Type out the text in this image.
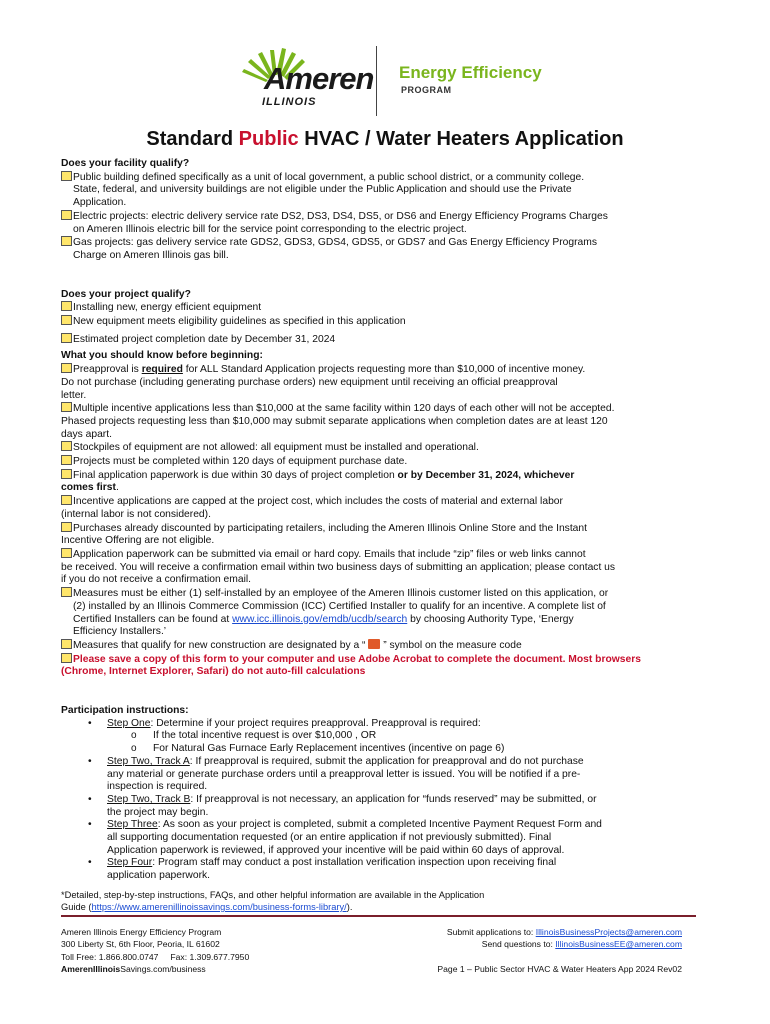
Ameren
ILLINOIS
Energy Efficiency
PROGRAM
Standard Public HVAC / Water Heaters Application
Does your facility qualify?
Public building defined specifically as a unit of local government, a public school district, or a community college.
State, federal, and university buildings are not eligible under the Public Application and should use the Private
Application.
Electric projects: electric delivery service rate DS2, DS3, DS4, DS5, or DS6 and Energy Efficiency Programs Charges
on Ameren Illinois electric bill for the service point corresponding to the electric project.
Gas projects: gas delivery service rate GDS2, GDS3, GDS4, GDS5, or GDS7 and Gas Energy Efficiency Programs
Charge on Ameren Illinois gas bill.
Does your project qualify?
Installing new, energy efficient equipment
New equipment meets eligibility guidelines as specified in this application
Estimated project completion date by December 31, 2024
What you should know before beginning:
Preapproval is required for ALL Standard Application projects requesting more than $10,000 of incentive money.
Do not purchase (including generating purchase orders) new equipment until receiving an official preapproval
letter.
Multiple incentive applications less than $10,000 at the same facility within 120 days of each other will not be accepted.
Phased projects requesting less than $10,000 may submit separate applications when completion dates are at least 120
days apart.
Stockpiles of equipment are not allowed: all equipment must be installed and operational.
Projects must be completed within 120 days of equipment purchase date.
Final application paperwork is due within 30 days of project completion or by December 31, 2024, whichever
comes first.
Incentive applications are capped at the project cost, which includes the costs of material and external labor
(internal labor is not considered).
Purchases already discounted by participating retailers, including the Ameren Illinois Online Store and the Instant
Incentive Offering are not eligible.
Application paperwork can be submitted via email or hard copy. Emails that include “zip” files or web links cannot
be received. You will receive a confirmation email within two business days of submitting an application; please contact us
if you do not receive a confirmation email.
Measures must be either (1) self-installed by an employee of the Ameren Illinois customer listed on this application, or
(2) installed by an Illinois Commerce Commission (ICC) Certified Installer to qualify for an incentive. A complete list of
Certified Installers can be found at www.icc.illinois.gov/emdb/ucdb/search by choosing Authority Type, ‘Energy
Efficiency Installers.’
Measures that qualify for new construction are designated by a “  ” symbol on the measure code
Please save a copy of this form to your computer and use Adobe Acrobat to complete the document. Most browsers
(Chrome, Internet Explorer, Safari) do not auto-fill calculations
Participation instructions:
• Step One: Determine if your project requires preapproval. Preapproval is required:
o If the total incentive request is over $10,000 , OR
o For Natural Gas Furnace Early Replacement incentives (incentive on page 6)
• Step Two, Track A: If preapproval is required, submit the application for preapproval and do not purchase
any material or generate purchase orders until a preapproval letter is issued. You will be notified if a pre-
inspection is required.
• Step Two, Track B: If preapproval is not necessary, an application for “funds reserved” may be submitted, or
the project may begin.
• Step Three: As soon as your project is completed, submit a completed Incentive Payment Request Form and
all supporting documentation requested (or an entire application if not previously submitted). Final
Application paperwork is reviewed, if approved your incentive will be paid within 60 days of approval.
• Step Four: Program staff may conduct a post installation verification inspection upon receiving final
application paperwork.
*Detailed, step-by-step instructions, FAQs, and other helpful information are available in the Application
Guide (https://www.amerenillinoissavings.com/business-forms-library/).
Ameren Illinois Energy Efficiency Program
300 Liberty St, 6th Floor, Peoria, IL 61602
Toll Free: 1.866.800.0747     Fax: 1.309.677.7950
AmerenIllinoisSavings.com/business
Submit applications to: IllinoisBusinessProjects@ameren.com
Send questions to: IllinoisBusinessEE@ameren.com
Page 1 – Public Sector HVAC & Water Heaters App 2024 Rev02
